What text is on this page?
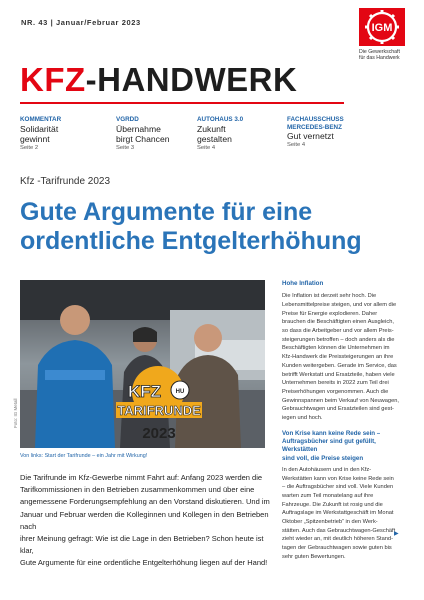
NR. 43 | Januar/Februar 2023	IGM
Die Gewerkschaft
für das Handwerk
KFZ-HANDWERK
KOMMENTAR
Solidarität
gewinnt
Seite 2
VGRDD
Übernahme
birgt Chancen
Seite 3
AUTOHAUS 3.0
Zukunft
gestalten
Seite 4
FACHAUSSCHUSS
MERCEDES-BENZ
Gut vernetzt
Seite 4
Kfz -Tarifrunde 2023
Gute Argumente für eine
ordentliche Entgelterhöhung
KFZ HU
TARIFRUNDE
2023
Foto: IG Metall
Von links: Start der Tarifrunde – ein Jahr mit Wirkung!
Die Tarifrunde im Kfz-Gewerbe nimmt Fahrt auf: Anfang 2023 werden die
Tarifkommissionen in den Betrieben zusammenkommen und über eine
angemessene Forderungsempfehlung an den Vorstand diskutieren. Und im
Januar und Februar werden die Kolleginnen und Kollegen in den Betrieben nach
ihrer Meinung gefragt: Wie ist die Lage in den Betrieben? Schon heute ist klar,
Gute Argumente für eine ordentliche Entgelterhöhung liegen auf der Hand!
Hohe Inflation
Die Inflation ist derzeit sehr hoch. Die
Lebensmittelpreise steigen, und vor allem die
Preise für Energie explodieren. Daher
brauchen die Beschäftigten einen Ausgleich,
so dass die Arbeitgeber und vor allem Preis-
steigerungen betroffen – doch anders als die
Beschäftigten können die Unternehmen im
Kfz-Handwerk die Preissteigerungen an ihre
Kunden weitergeben. Gerade im Service, das
betrifft Werkstatt und Ersatzteile, haben viele
Unternehmen bereits in 2022 zum Teil drei
Preiserhöhungen vorgenommen. Auch die
Gewinnspannen beim Verkauf von Neuwagen,
Gebrauchtwagen und Ersatzteilen sind gest-
iegen und hoch.
Von Krise kann keine Rede sein –
Auftragsbücher sind gut gefüllt, Werkstätten
sind voll, die Preise steigen
In den Autohäusern und in den Kfz-
Werkstätten kann von Krise keine Rede sein
– die Auftragsbücher sind voll. Viele Kunden
warten zum Teil monatelang auf ihre
Fahrzeuge. Die Zukunft ist rosig und die
Auftragslage im Werkstattgeschäft im Monat
Oktober „Spitzenbetrieb“ in den Werk-
stätten. Auch das Gebrauchtwagen-Geschäft
zieht wieder an, mit deutlich höheren Stand-
tagen der Gebrauchtwagen sowie guten bis
sehr guten Bewertungen.
▶
